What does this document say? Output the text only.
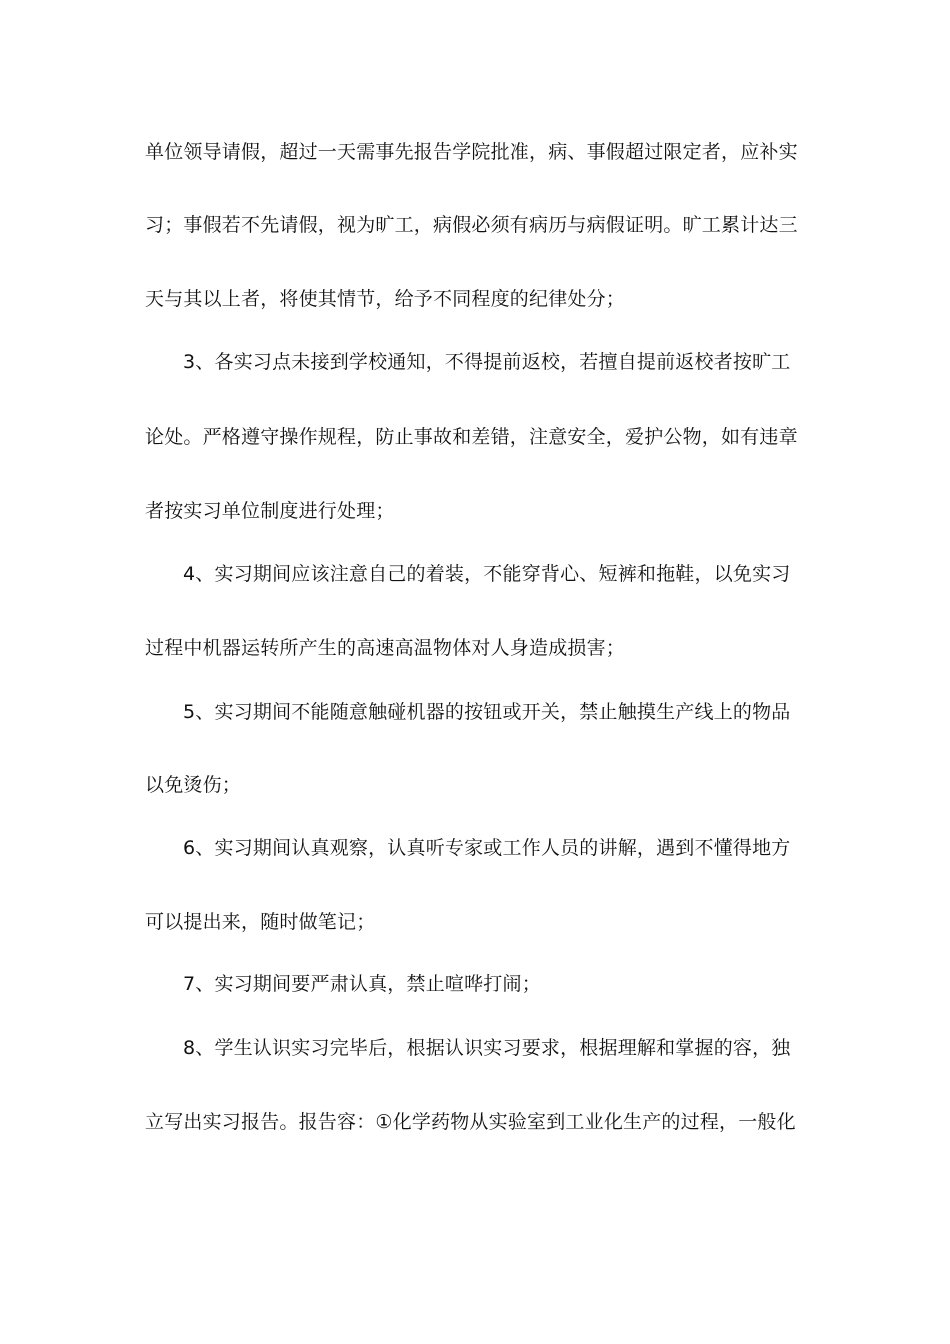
单位领导请假，超过一天需事先报告学院批准，病、事假超过限定者，应补实
习；事假若不先请假，视为旷工，病假必须有病历与病假证明。旷工累计达三
天与其以上者，将使其情节，给予不同程度的纪律处分；
3、各实习点未接到学校通知，不得提前返校，若擅自提前返校者按旷工
论处。严格遵守操作规程，防止事故和差错，注意安全，爱护公物，如有违章
者按实习单位制度进行处理；
4、实习期间应该注意自己的着装，不能穿背心、短裤和拖鞋，以免实习
过程中机器运转所产生的高速高温物体对人身造成损害；
5、实习期间不能随意触碰机器的按钮或开关，禁止触摸生产线上的物品
以免烫伤；
6、实习期间认真观察，认真听专家或工作人员的讲解，遇到不懂得地方
可以提出来，随时做笔记；
7、实习期间要严肃认真，禁止喧哗打闹；
8、学生认识实习完毕后，根据认识实习要求，根据理解和掌握的容，独
立写出实习报告。报告容：①化学药物从实验室到工业化生产的过程，一般化
